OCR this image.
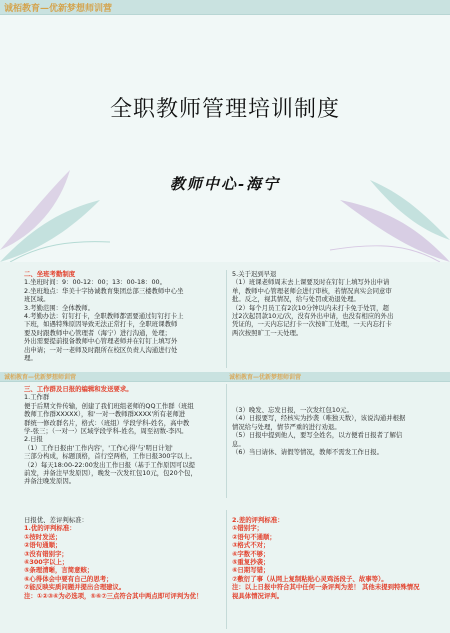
诚栢教育—优新梦想师训营
全职教师管理培训制度
教师中心-海宁
二、坐班考勤制度
1.坐班时间：9：00-12：00；13：00-18：00。
2.坐班地点：华美十字协诚教育集团总部三楼教师中心坐
班区域。
3.考勤范围：全体教师。
4.考勤办法：钉钉打卡，全职教师都需要通过钉钉打卡上
下班，如遇特殊原因导致无法正常打卡，全职班课教师
要及时跟教师中心管理者（海宁）进行沟通，处理；
外出需要提前报备教师中心管理老师并在钉钉上填写外
出申请；一对一老师及时跟所在校区负责人沟通进行处
理。
5.关于迟到早退
（1）班课老师周末去上课要及时在钉钉上填写外出申请
单，教师中心管理老师会进行审核，若情况真实会同意审
批。反之，视其情况，给与处罚或劝退处理。
（2）每个月员工有2次10分钟以内未打卡免于处罚，超
过2次起罚款10元/次，没有外出申请，也没有相应的外出
凭证的，一天内忘记打卡一次按旷工处理，一天内忘打卡
两次按照旷工一天处理。
诚栢教育—优新梦想师训营	诚栢教育—优新梦想师训营
三、工作群及日报的编辑和发送要求。
1.工作群
便于后期文件传输，创建了我们班组老师的QQ工作群（班组
教师工作群XXXXX），和'一对一教师群XXXX'所有老师进
群统一修改群名片，格式：（班组）学段学科-姓名，高中教
学-张三；（一对一）区域学段学科-姓名，周至初数-李四。
2.日报
（1）工作日报由'工作内容'，'工作心得'与'明日计划'
三部分构成，标题顶格，首行空两格，工作日报300字以上。
（2）每天18:00-22:00发出工作日报（基于工作原因可以提
前发，并备注早发原因），晚发一次发红包10元，包20个包，
并备注晚发原因。
（3）晚发、忘发日报，一次发红包10元。
（4）日报要写，经核实为抄袭（唯独天数），该说沟通并根据
情况给与处理，情节严重的进行劝退。
（5）日报中提到他人，要写全姓名，以方便看日报者了解信
息。
（6）当日请休、请假等情况，教师不需发工作日报。
日报优、差评判标准：
1.优的评判标准：
①按时发送；
②语句通顺；
③没有错别字；
④300字以上；
⑤条理清晰，言简意赅；
⑥心得体会中要有自己的思考；
⑦能反映实质问题并提出合理建议。
注：①②③④为必选项，⑤⑥⑦三点符合其中两点即可评判为优！
2.差的评判标准：
①错别字；
②语句不通顺；
③格式不对；
④字数不够；
⑤重复抄袭；
⑥日期写错；
⑦敷衍了事（从网上复制粘贴心灵鸡汤段子、故事等）。
注：以上日报中符合其中任何一条评判为差！ 其他未提到特殊情况
视具体情况评判。
